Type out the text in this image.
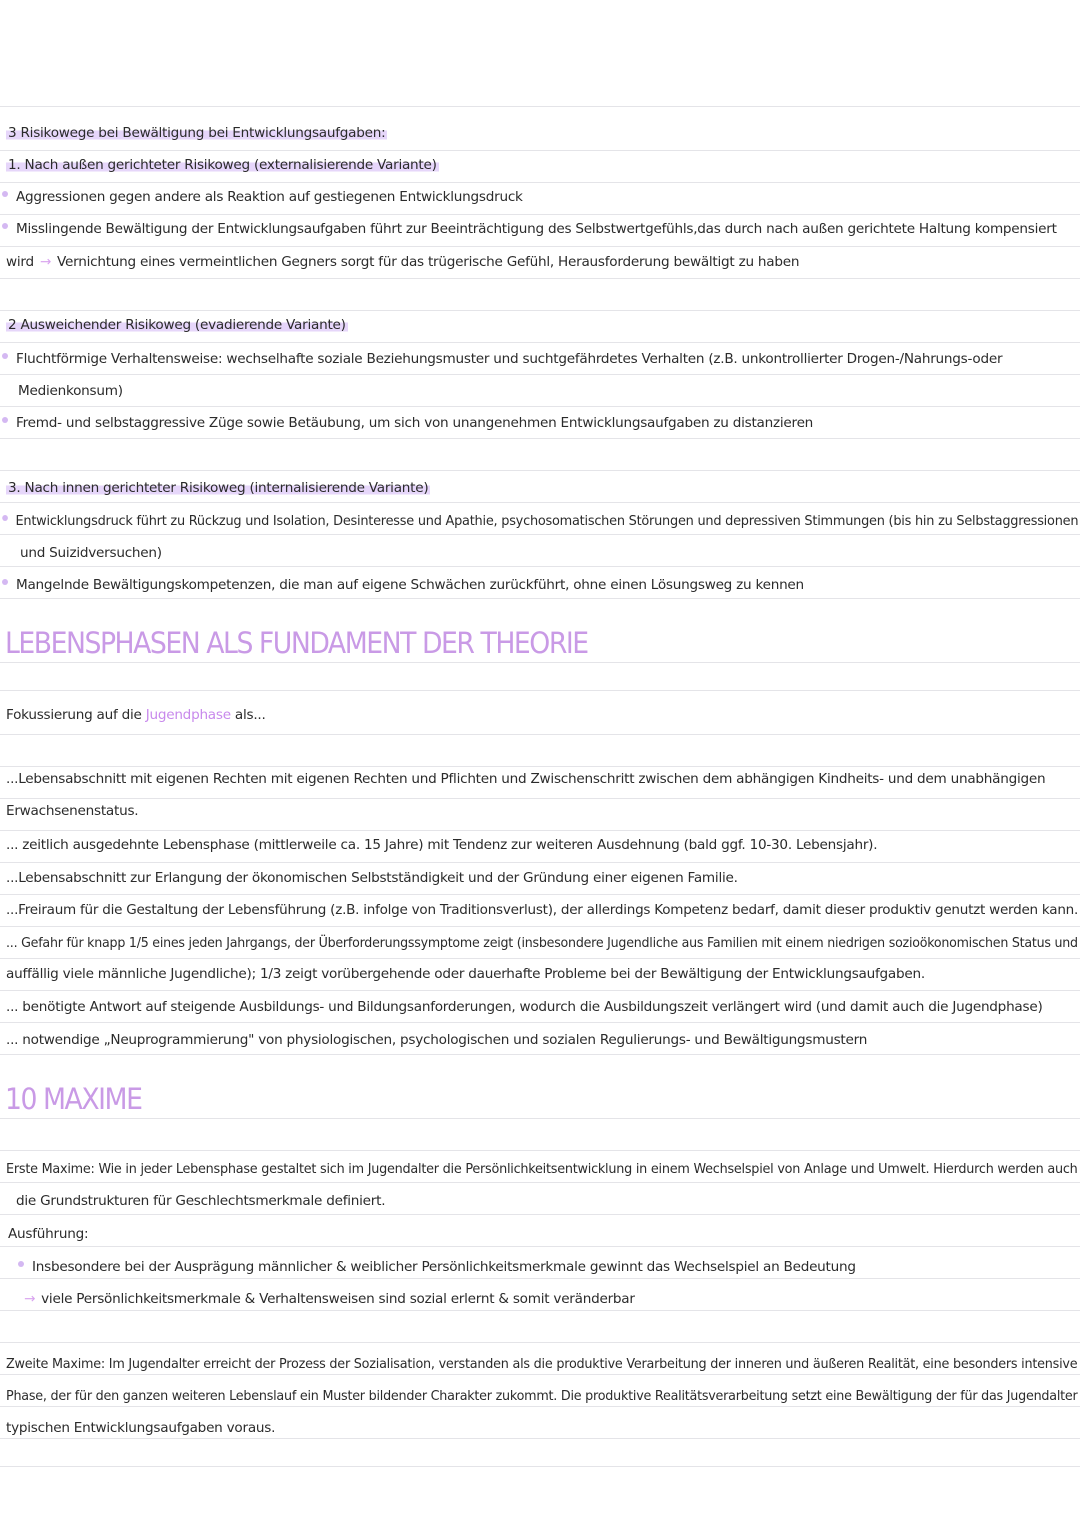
3 Risikowege bei Bewältigung bei Entwicklungsaufgaben:
1. Nach außen gerichteter Risikoweg (externalisierende Variante)
Aggressionen gegen andere als Reaktion auf gestiegenen Entwicklungsdruck
Misslingende Bewältigung der Entwicklungsaufgaben führt zur Beeinträchtigung des Selbstwertgefühls,das durch nach außen gerichtete Haltung kompensiert
wird → Vernichtung eines vermeintlichen Gegners sorgt für das trügerische Gefühl, Herausforderung bewältigt zu haben
2 Ausweichender Risikoweg (evadierende Variante)
Fluchtförmige Verhaltensweise: wechselhafte soziale Beziehungsmuster und suchtgefährdetes Verhalten (z.B. unkontrollierter Drogen-/Nahrungs-oder
Medienkonsum)
Fremd- und selbstaggressive Züge sowie Betäubung, um sich von unangenehmen Entwicklungsaufgaben zu distanzieren
3. Nach innen gerichteter Risikoweg (internalisierende Variante)
Entwicklungsdruck führt zu Rückzug und Isolation, Desinteresse und Apathie, psychosomatischen Störungen und depressiven Stimmungen (bis hin zu Selbstaggressionen
und Suizidversuchen)
Mangelnde Bewältigungskompetenzen, die man auf eigene Schwächen zurückführt, ohne einen Lösungsweg zu kennen
LEBENSPHASEN ALS FUNDAMENT DER THEORIE
Fokussierung auf die Jugendphase als...
...Lebensabschnitt mit eigenen Rechten mit eigenen Rechten und Pflichten und Zwischenschritt zwischen dem abhängigen Kindheits- und dem unabhängigen
Erwachsenenstatus.
... zeitlich ausgedehnte Lebensphase (mittlerweile ca. 15 Jahre) mit Tendenz zur weiteren Ausdehnung (bald ggf. 10-30. Lebensjahr).
...Lebensabschnitt zur Erlangung der ökonomischen Selbstständigkeit und der Gründung einer eigenen Familie.
...Freiraum für die Gestaltung der Lebensführung (z.B. infolge von Traditionsverlust), der allerdings Kompetenz bedarf, damit dieser produktiv genutzt werden kann.
... Gefahr für knapp 1/5 eines jeden Jahrgangs, der Überforderungssymptome zeigt (insbesondere Jugendliche aus Familien mit einem niedrigen sozioökonomischen Status und
auffällig viele männliche Jugendliche); 1/3 zeigt vorübergehende oder dauerhafte Probleme bei der Bewältigung der Entwicklungsaufgaben.
... benötigte Antwort auf steigende Ausbildungs- und Bildungsanforderungen, wodurch die Ausbildungszeit verlängert wird (und damit auch die Jugendphase)
... notwendige „Neuprogrammierung" von physiologischen, psychologischen und sozialen Regulierungs- und Bewältigungsmustern
10 MAXIME
Erste Maxime: Wie in jeder Lebensphase gestaltet sich im Jugendalter die Persönlichkeitsentwicklung in einem Wechselspiel von Anlage und Umwelt. Hierdurch werden auch
die Grundstrukturen für Geschlechtsmerkmale definiert.
Ausführung:
Insbesondere bei der Ausprägung männlicher & weiblicher Persönlichkeitsmerkmale gewinnt das Wechselspiel an Bedeutung
→ viele Persönlichkeitsmerkmale & Verhaltensweisen sind sozial erlernt & somit veränderbar
Zweite Maxime: Im Jugendalter erreicht der Prozess der Sozialisation, verstanden als die produktive Verarbeitung der inneren und äußeren Realität, eine besonders intensive
Phase, der für den ganzen weiteren Lebenslauf ein Muster bildender Charakter zukommt. Die produktive Realitätsverarbeitung setzt eine Bewältigung der für das Jugendalter
typischen Entwicklungsaufgaben voraus.
